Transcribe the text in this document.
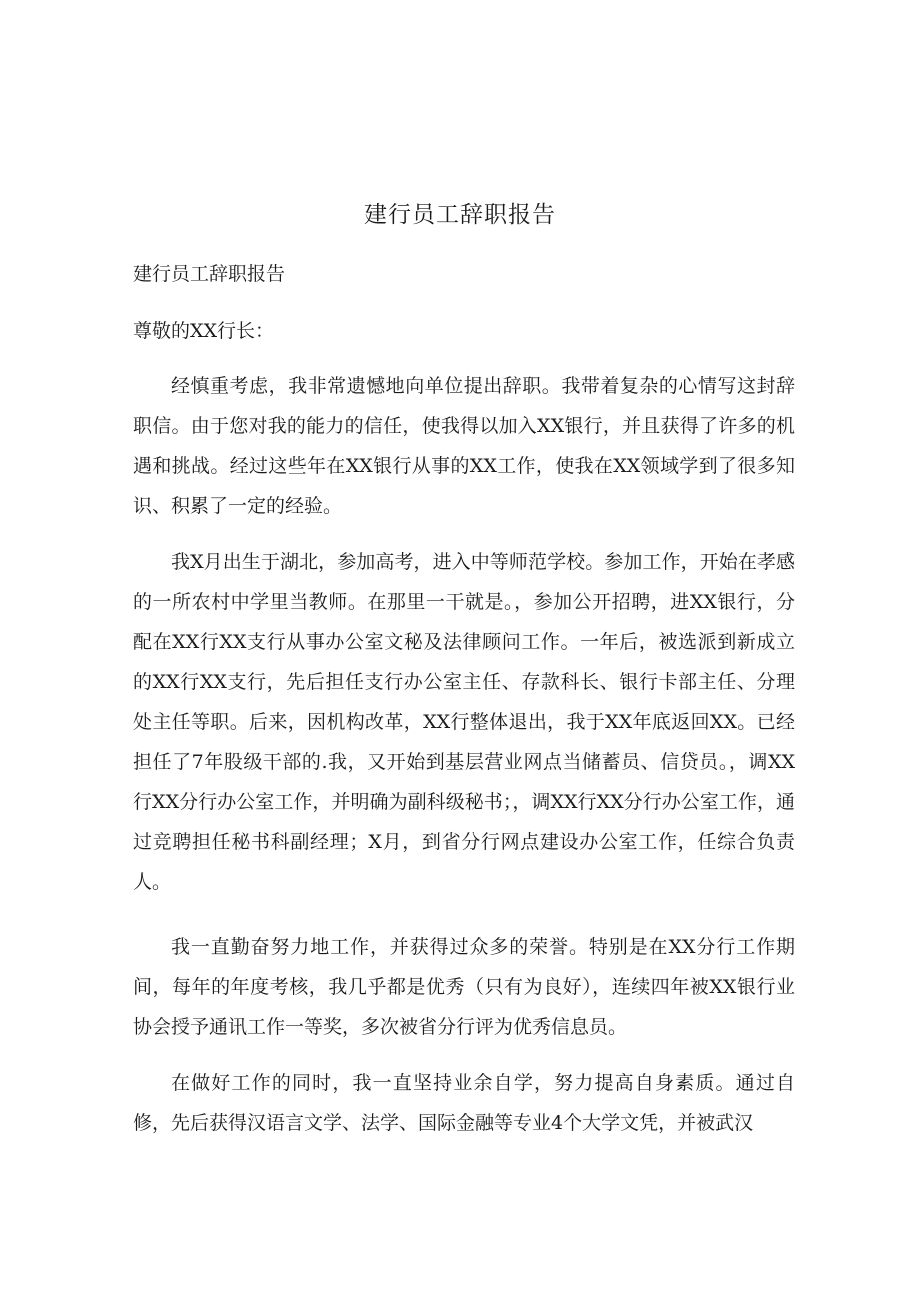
建行员工辞职报告

建行员工辞职报告

尊敬的XX行长：

经慎重考虑，我非常遗憾地向单位提出辞职。我带着复杂的心情写这封辞职信。由于您对我的能力的信任，使我得以加入XX银行，并且获得了许多的机遇和挑战。经过这些年在XX银行从事的XX工作，使我在XX领域学到了很多知识、积累了一定的经验。

我X月出生于湖北，参加高考，进入中等师范学校。参加工作，开始在孝感的一所农村中学里当教师。在那里一干就是。，参加公开招聘，进XX银行，分配在XX行XX支行从事办公室文秘及法律顾问工作。一年后，被选派到新成立的XX行XX支行，先后担任支行办公室主任、存款科长、银行卡部主任、分理处主任等职。后来，因机构改革，XX行整体退出，我于XX年底返回XX。已经担任了7年股级干部的.我，又开始到基层营业网点当储蓄员、信贷员。，调XX行XX分行办公室工作，并明确为副科级秘书；，调XX行XX分行办公室工作，通过竞聘担任秘书科副经理；X月，到省分行网点建设办公室工作，任综合负责人。

我一直勤奋努力地工作，并获得过众多的荣誉。特别是在XX分行工作期间，每年的年度考核，我几乎都是优秀（只有为良好），连续四年被XX银行业协会授予通讯工作一等奖，多次被省分行评为优秀信息员。

在做好工作的同时，我一直坚持业余自学，努力提高自身素质。通过自修，先后获得汉语言文学、法学、国际金融等专业4个大学文凭，并被武汉
